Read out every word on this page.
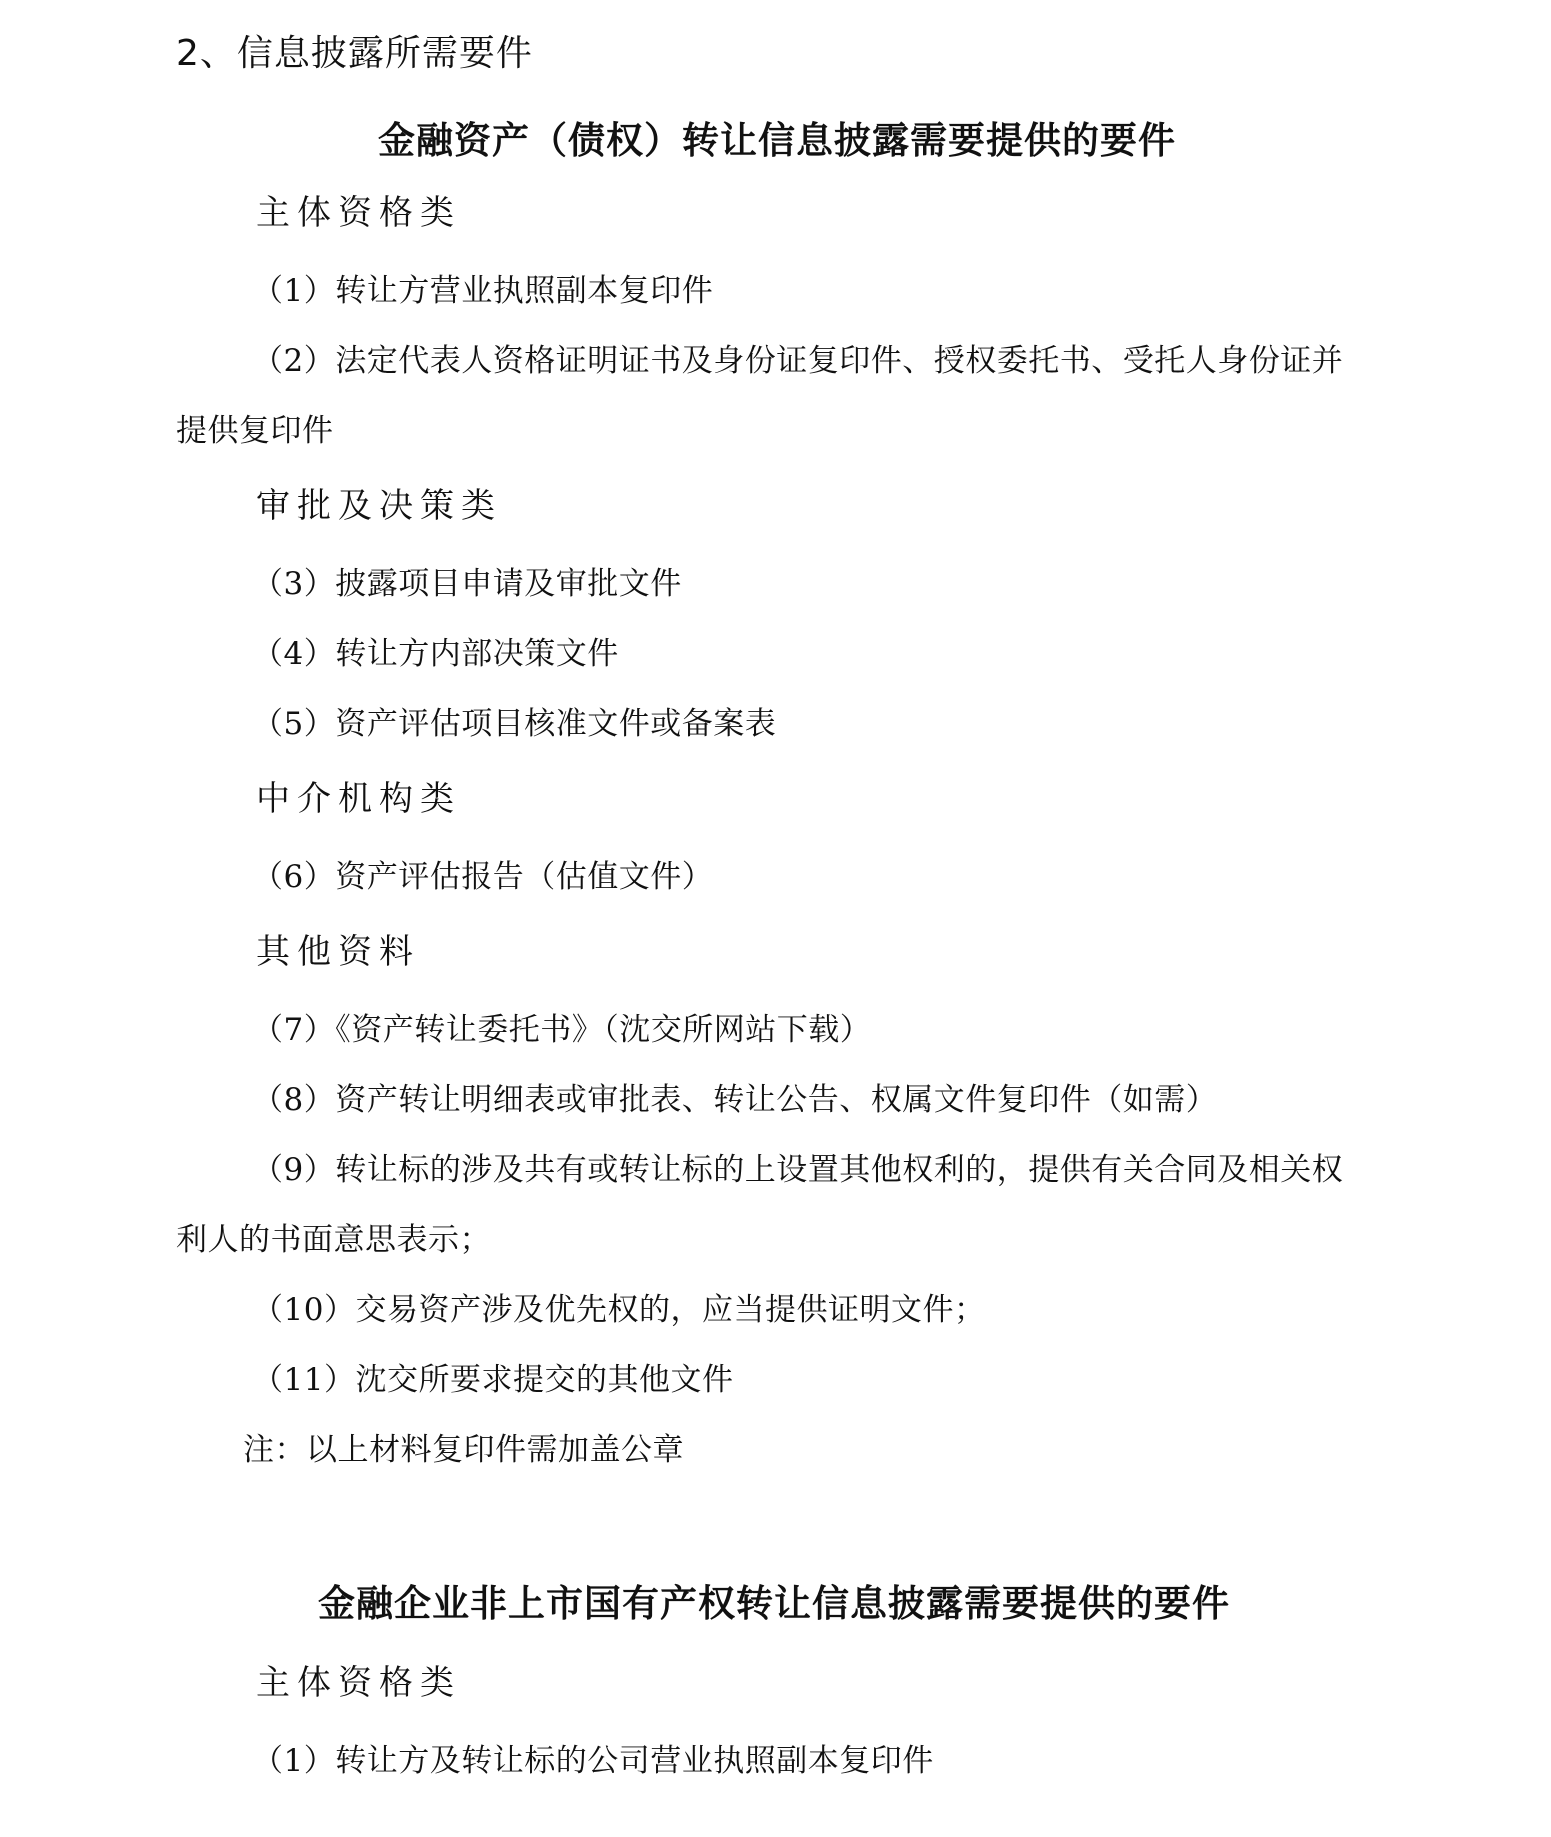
2、信息披露所需要件
金融资产（债权）转让信息披露需要提供的要件
主体资格类
（1）转让方营业执照副本复印件
（2）法定代表人资格证明证书及身份证复印件、授权委托书、受托人身份证并
提供复印件
审批及决策类
（3）披露项目申请及审批文件
（4）转让方内部决策文件
（5）资产评估项目核准文件或备案表
中介机构类
（6）资产评估报告（估值文件）
其他资料
（7）《资产转让委托书》（沈交所网站下载）
（8）资产转让明细表或审批表、转让公告、权属文件复印件（如需）
（9）转让标的涉及共有或转让标的上设置其他权利的，提供有关合同及相关权
利人的书面意思表示；
（10）交易资产涉及优先权的，应当提供证明文件；
（11）沈交所要求提交的其他文件
注：以上材料复印件需加盖公章
金融企业非上市国有产权转让信息披露需要提供的要件
主体资格类
（1）转让方及转让标的公司营业执照副本复印件
